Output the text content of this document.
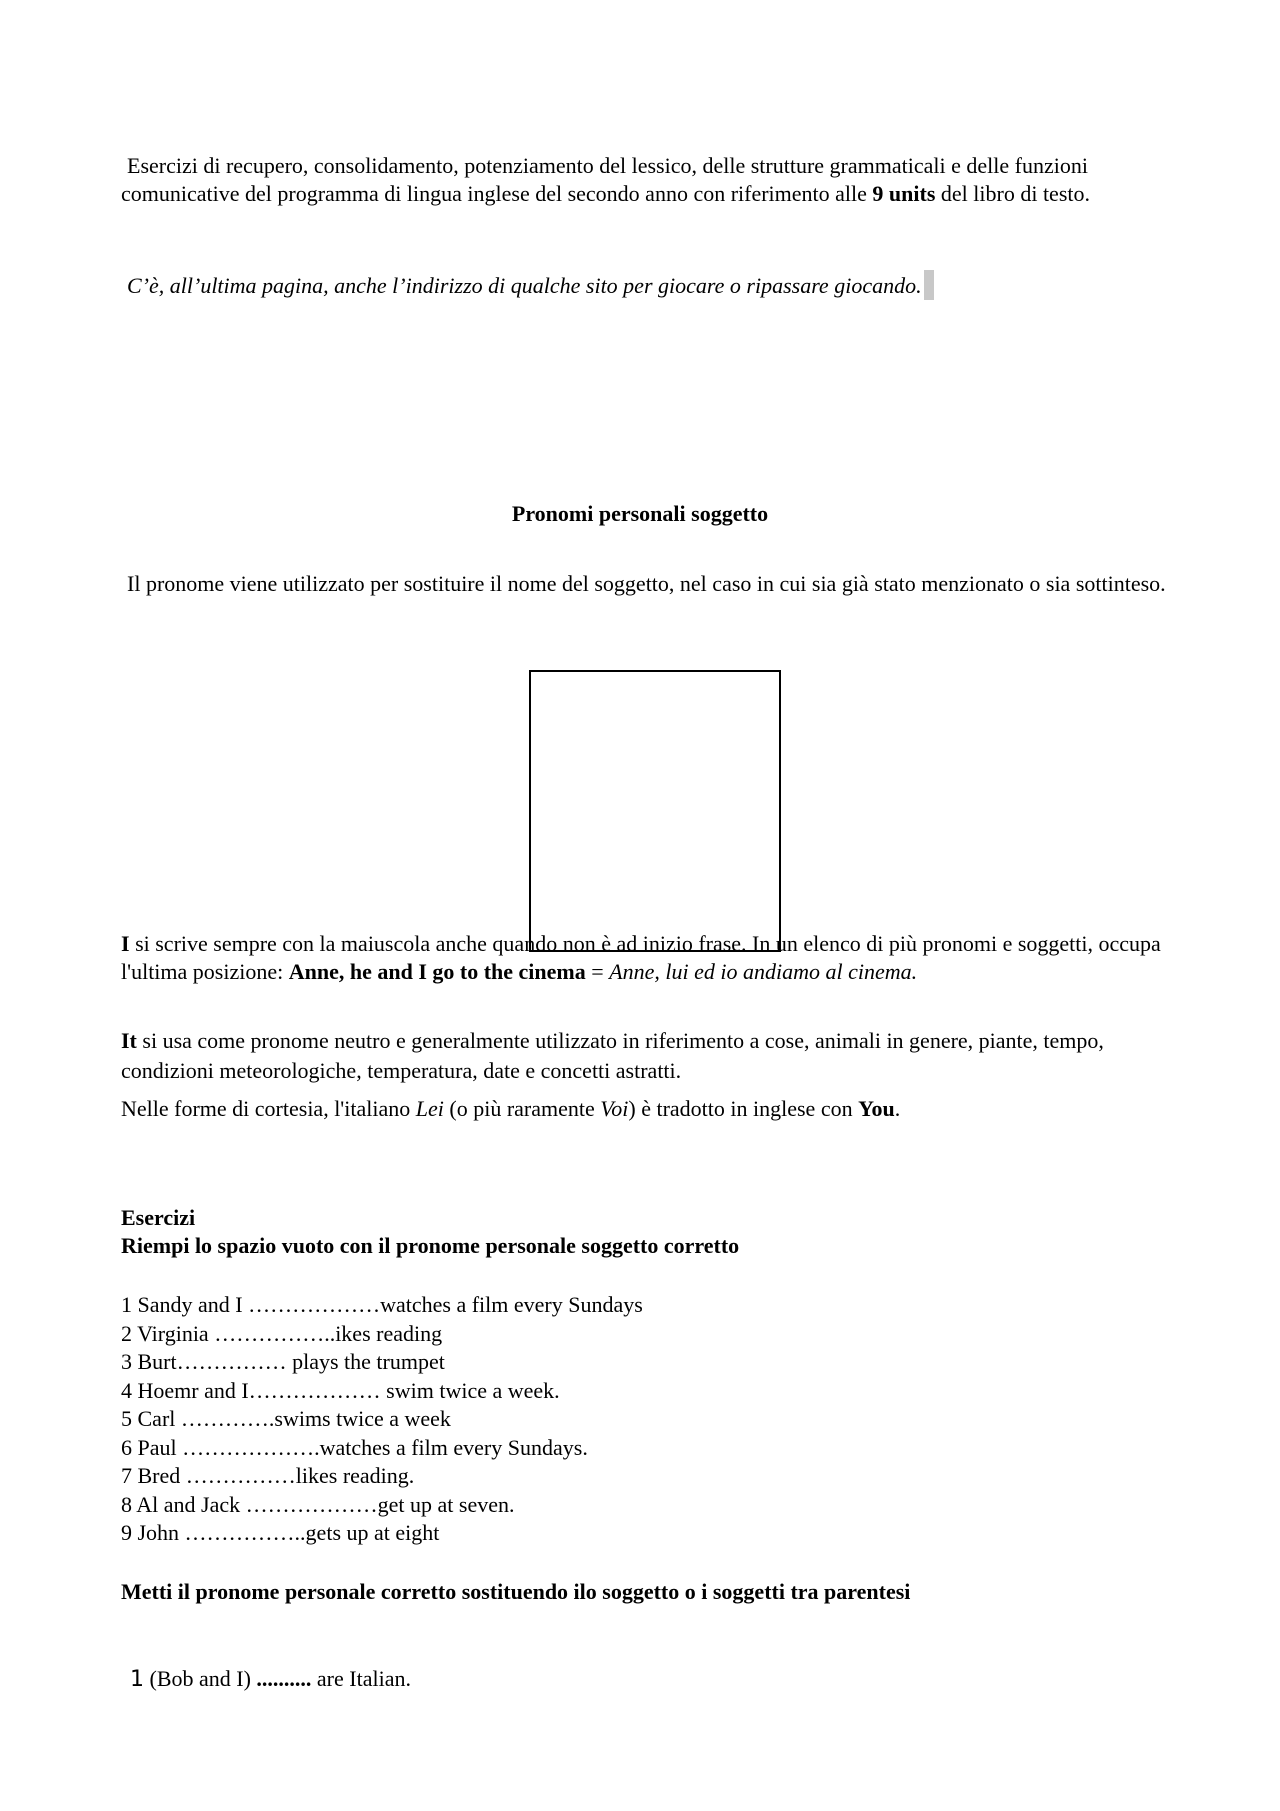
Esercizi di recupero, consolidamento, potenziamento del lessico, delle strutture grammaticali e delle funzioni comunicative del programma di lingua inglese del secondo anno con riferimento alle 9 units del libro di testo.

C’è, all’ultima pagina, anche l’indirizzo di qualche sito per giocare o ripassare giocando.

Pronomi personali soggetto

Il pronome viene utilizzato per sostituire il nome del soggetto, nel caso in cui sia già stato menzionato o sia sottinteso.

I si scrive sempre con la maiuscola anche quando non è ad inizio frase. In un elenco di più pronomi e soggetti, occupa l'ultima posizione: Anne, he and I go to the cinema = Anne, lui ed io andiamo al cinema.

It si usa come pronome neutro e generalmente utilizzato in riferimento a cose, animali in genere, piante, tempo, condizioni meteorologiche, temperatura, date e concetti astratti.

Nelle forme di cortesia, l'italiano Lei (o più raramente Voi) è tradotto in inglese con You.

Esercizi
Riempi lo spazio vuoto con il pronome personale soggetto corretto
1 Sandy and I ………………watches a film every Sundays
2 Virginia ……………..ikes reading
3 Burt…………… plays the trumpet
4 Hoemr and I……………… swim twice a week.
5 Carl ………….swims twice a week
6 Paul ……………….watches a film every Sundays.
7 Bred ……………likes reading.
8 Al and Jack ………………get up at seven.
9 John ……………..gets up at eight
Metti il pronome personale corretto sostituendo ilo soggetto o i soggetti tra parentesi

1 (Bob and I) .......... are Italian.
